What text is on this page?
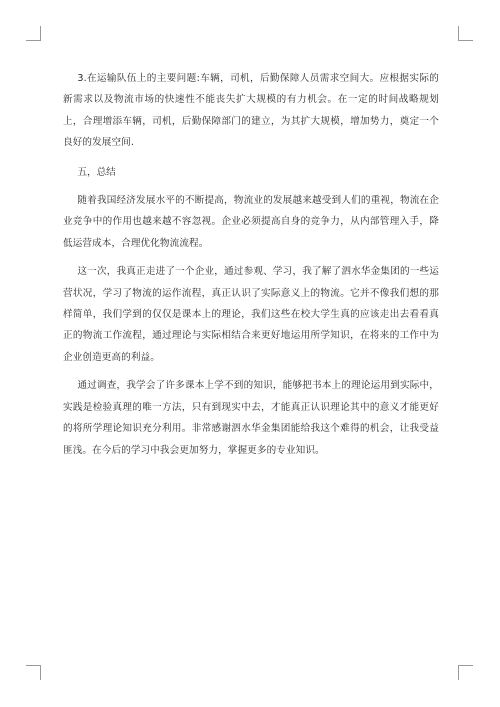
3.在运输队伍上的主要问题:车辆，司机，后勤保障人员需求空间大。应根据实际的新需求以及物流市场的快速性不能丧失扩大规模的有力机会。在一定的时间战略规划上，合理增添车辆，司机，后勤保障部门的建立，为其扩大规模，增加势力，奠定一个良好的发展空间.

五，总结

随着我国经济发展水平的不断提高，物流业的发展越来越受到人们的重视，物流在企业竞争中的作用也越来越不容忽视。企业必须提高自身的竞争力，从内部管理入手，降低运营成本，合理优化物流流程。

这一次，我真正走进了一个企业，通过参观、学习，我了解了泗水华金集团的一些运营状况，学习了物流的运作流程，真正认识了实际意义上的物流。它并不像我们想的那样简单，我们学到的仅仅是课本上的理论，我们这些在校大学生真的应该走出去看看真正的物流工作流程，通过理论与实际相结合来更好地运用所学知识，在将来的工作中为企业创造更高的利益。

通过调查，我学会了许多课本上学不到的知识，能够把书本上的理论运用到实际中，实践是检验真理的唯一方法，只有到现实中去，才能真正认识理论其中的意义才能更好的将所学理论知识充分利用。非常感谢泗水华金集团能给我这个难得的机会，让我受益匪浅。在今后的学习中我会更加努力，掌握更多的专业知识。
